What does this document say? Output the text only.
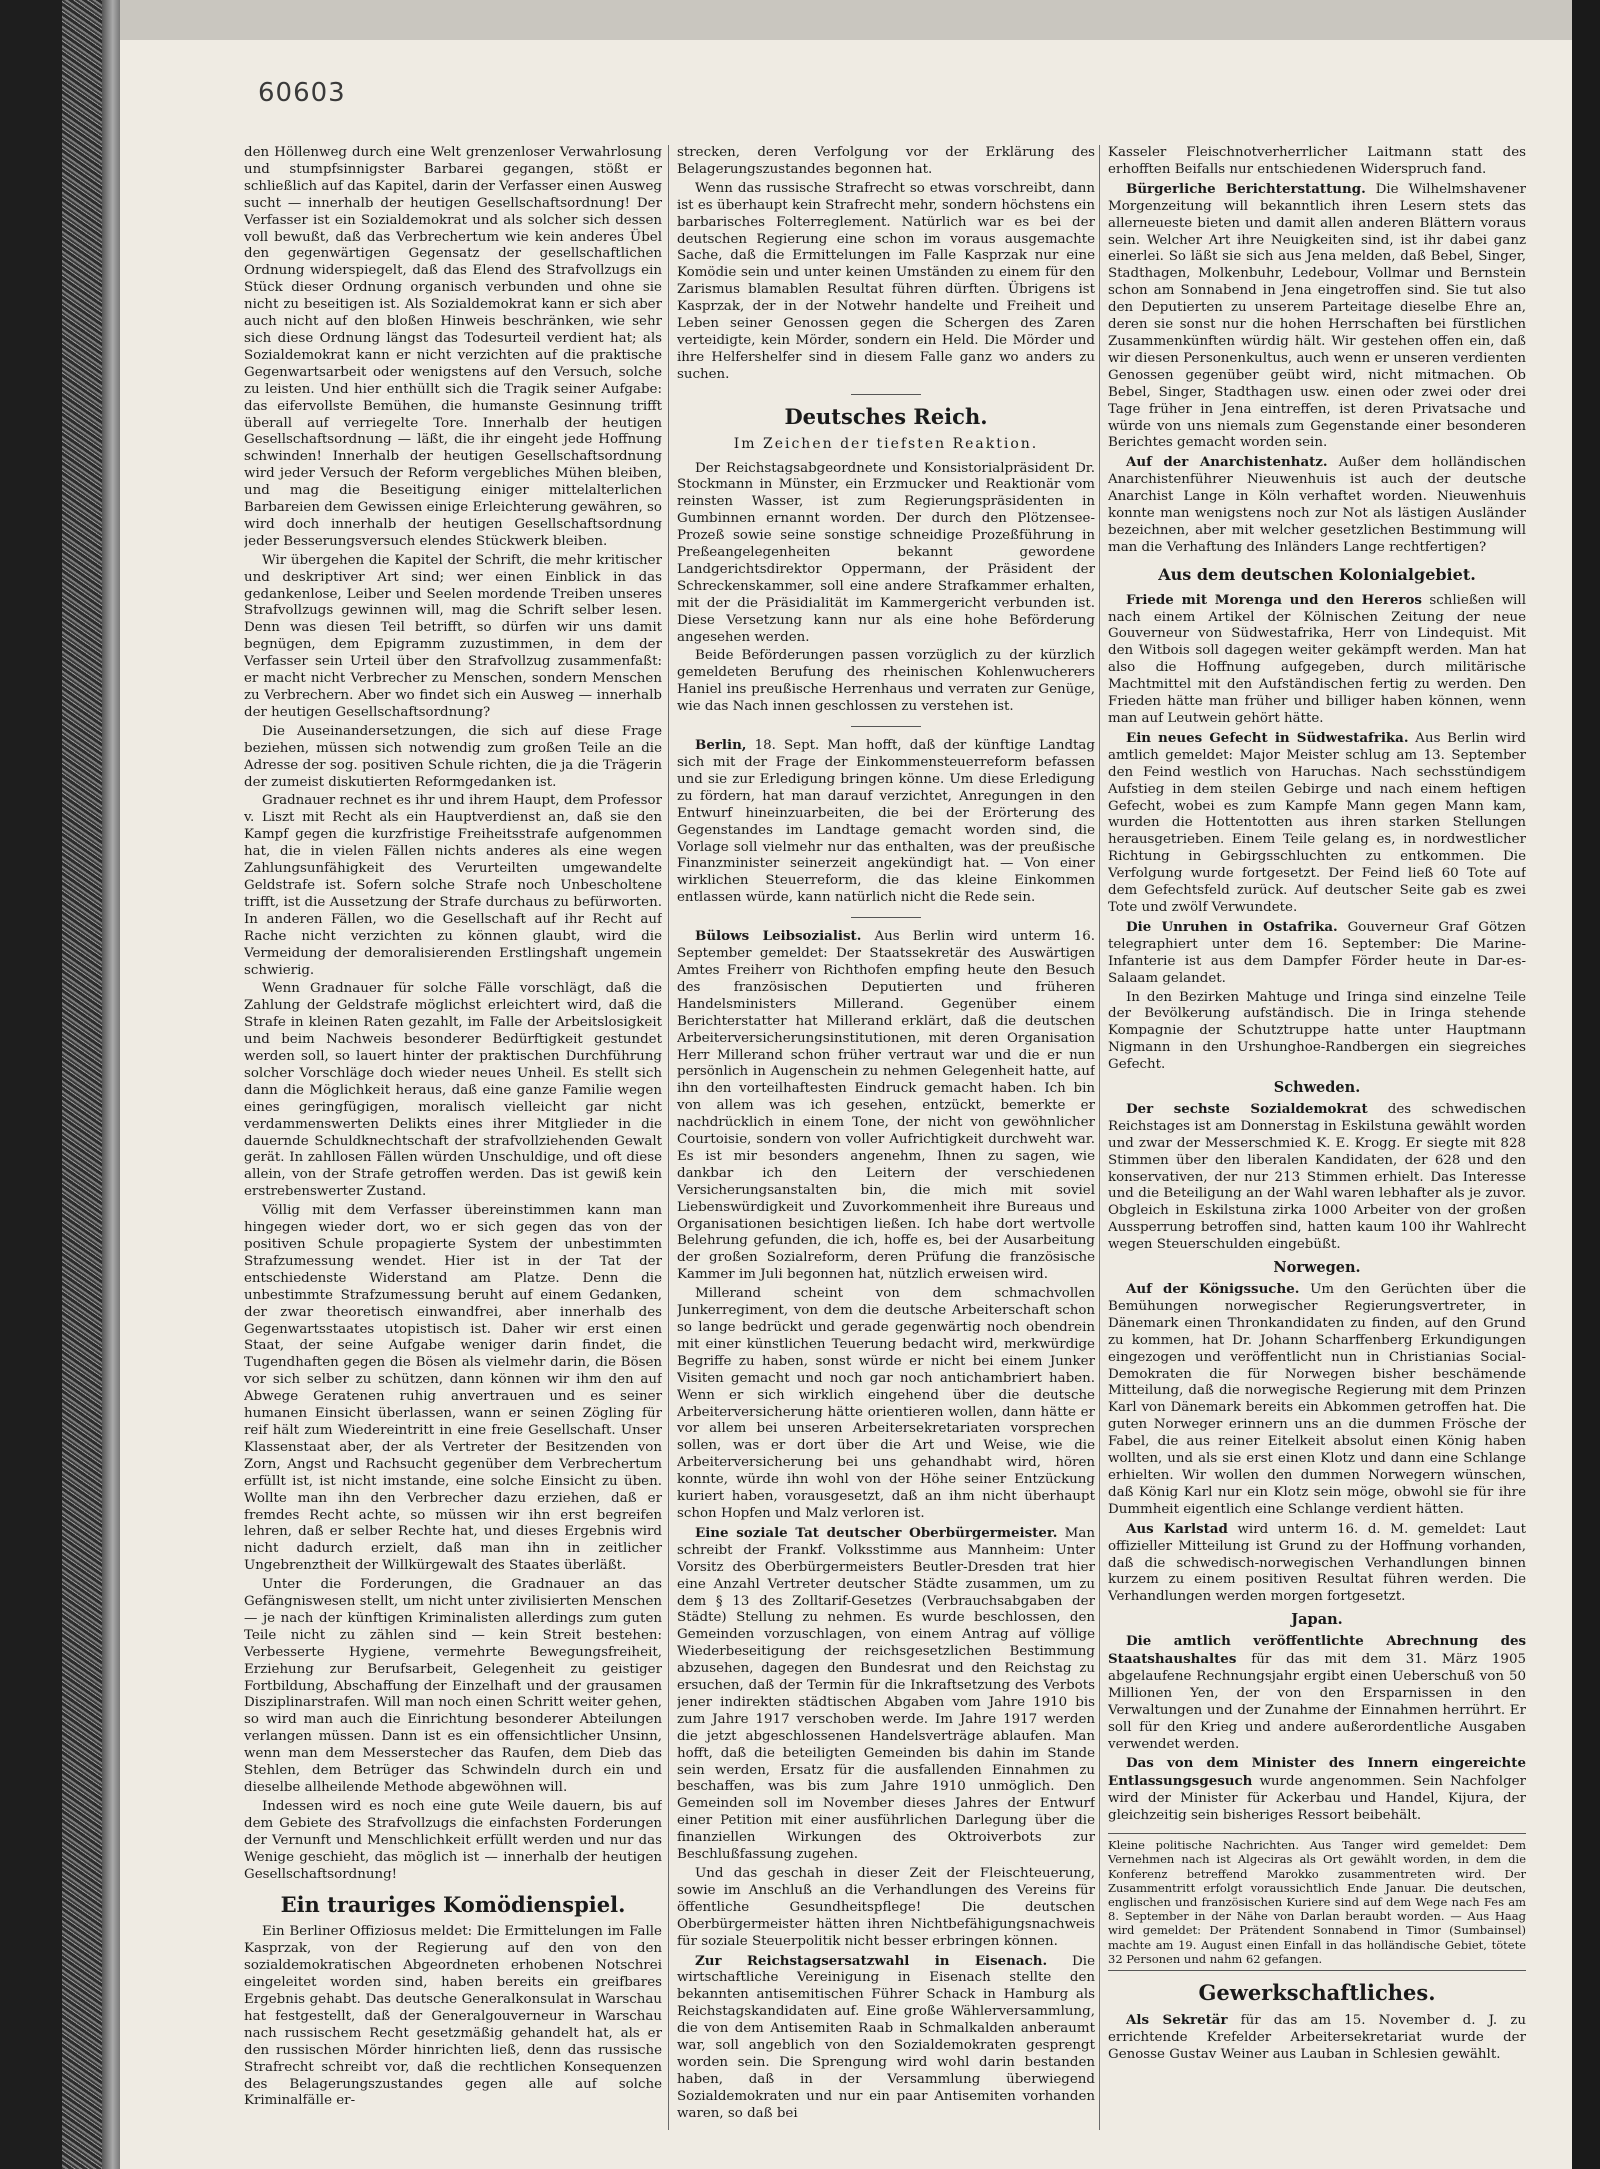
60603

den Höllenweg durch eine Welt grenzenloser Verwahrlosung und stumpfsinnigster Barbarei gegangen, stößt er schließlich auf das Kapitel, darin der Verfasser einen Ausweg sucht — innerhalb der heutigen Gesellschaftsordnung! Der Verfasser ist ein Sozialdemokrat und als solcher sich dessen voll bewußt, daß das Verbrechertum wie kein anderes Übel den gegenwärtigen Gegensatz der gesellschaftlichen Ordnung widerspiegelt, daß das Elend des Strafvollzugs ein Stück dieser Ordnung organisch verbunden und ohne sie nicht zu beseitigen ist. Als Sozialdemokrat kann er sich aber auch nicht auf den bloßen Hinweis beschränken, wie sehr sich diese Ordnung längst das Todesurteil verdient hat; als Sozialdemokrat kann er nicht verzichten auf die praktische Gegenwartsarbeit oder wenigstens auf den Versuch, solche zu leisten. Und hier enthüllt sich die Tragik seiner Aufgabe: das eifervollste Bemühen, die humanste Gesinnung trifft überall auf verriegelte Tore. Innerhalb der heutigen Gesellschaftsordnung — läßt, die ihr eingeht jede Hoffnung schwinden! Innerhalb der heutigen Gesellschaftsordnung wird jeder Versuch der Reform vergebliches Mühen bleiben, und mag die Beseitigung einiger mittelalterlichen Barbareien dem Gewissen einige Erleichterung gewähren, so wird doch innerhalb der heutigen Gesellschaftsordnung jeder Besserungsversuch elendes Stückwerk bleiben.

Wir übergehen die Kapitel der Schrift, die mehr kritischer und deskriptiver Art sind; wer einen Einblick in das gedankenlose, Leiber und Seelen mordende Treiben unseres Strafvollzugs gewinnen will, mag die Schrift selber lesen. Denn was diesen Teil betrifft, so dürfen wir uns damit begnügen, dem Epigramm zuzustimmen, in dem der Verfasser sein Urteil über den Strafvollzug zusammenfaßt: er macht nicht Verbrecher zu Menschen, sondern Menschen zu Verbrechern. Aber wo findet sich ein Ausweg — innerhalb der heutigen Gesellschaftsordnung?

Die Auseinandersetzungen, die sich auf diese Frage beziehen, müssen sich notwendig zum großen Teile an die Adresse der sog. positiven Schule richten, die ja die Trägerin der zumeist diskutierten Reformgedanken ist.

Gradnauer rechnet es ihr und ihrem Haupt, dem Professor v. Liszt mit Recht als ein Hauptverdienst an, daß sie den Kampf gegen die kurzfristige Freiheitsstrafe aufgenommen hat, die in vielen Fällen nichts anderes als eine wegen Zahlungsunfähigkeit des Verurteilten umgewandelte Geldstrafe ist. Sofern solche Strafe noch Unbescholtene trifft, ist die Aussetzung der Strafe durchaus zu befürworten. In anderen Fällen, wo die Gesellschaft auf ihr Recht auf Rache nicht verzichten zu können glaubt, wird die Vermeidung der demoralisierenden Erstlingshaft ungemein schwierig.

Wenn Gradnauer für solche Fälle vorschlägt, daß die Zahlung der Geldstrafe möglichst erleichtert wird, daß die Strafe in kleinen Raten gezahlt, im Falle der Arbeitslosigkeit und beim Nachweis besonderer Bedürftigkeit gestundet werden soll, so lauert hinter der praktischen Durchführung solcher Vorschläge doch wieder neues Unheil. Es stellt sich dann die Möglichkeit heraus, daß eine ganze Familie wegen eines geringfügigen, moralisch vielleicht gar nicht verdammenswerten Delikts eines ihrer Mitglieder in die dauernde Schuldknechtschaft der strafvollziehenden Gewalt gerät. In zahllosen Fällen würden Unschuldige, und oft diese allein, von der Strafe getroffen werden. Das ist gewiß kein erstrebenswerter Zustand.

Völlig mit dem Verfasser übereinstimmen kann man hingegen wieder dort, wo er sich gegen das von der positiven Schule propagierte System der unbestimmten Strafzumessung wendet. Hier ist in der Tat der entschiedenste Widerstand am Platze. Denn die unbestimmte Strafzumessung beruht auf einem Gedanken, der zwar theoretisch einwandfrei, aber innerhalb des Gegenwartsstaates utopistisch ist. Daher wir erst einen Staat, der seine Aufgabe weniger darin findet, die Tugendhaften gegen die Bösen als vielmehr darin, die Bösen vor sich selber zu schützen, dann können wir ihm den auf Abwege Geratenen ruhig anvertrauen und es seiner humanen Einsicht überlassen, wann er seinen Zögling für reif hält zum Wiedereintritt in eine freie Gesellschaft. Unser Klassenstaat aber, der als Vertreter der Besitzenden von Zorn, Angst und Rachsucht gegenüber dem Verbrechertum erfüllt ist, ist nicht imstande, eine solche Einsicht zu üben. Wollte man ihn den Verbrecher dazu erziehen, daß er fremdes Recht achte, so müssen wir ihn erst begreifen lehren, daß er selber Rechte hat, und dieses Ergebnis wird nicht dadurch erzielt, daß man ihn in zeitlicher Ungebrenztheit der Willkürgewalt des Staates überläßt.

Unter die Forderungen, die Gradnauer an das Gefängniswesen stellt, um nicht unter zivilisierten Menschen — je nach der künftigen Kriminalisten allerdings zum guten Teile nicht zu zählen sind — kein Streit bestehen: Verbesserte Hygiene, vermehrte Bewegungsfreiheit, Erziehung zur Berufsarbeit, Gelegenheit zu geistiger Fortbildung, Abschaffung der Einzelhaft und der grausamen Disziplinarstrafen. Will man noch einen Schritt weiter gehen, so wird man auch die Einrichtung besonderer Abteilungen verlangen müssen. Dann ist es ein offensichtlicher Unsinn, wenn man dem Messerstecher das Raufen, dem Dieb das Stehlen, dem Betrüger das Schwindeln durch ein und dieselbe allheilende Methode abgewöhnen will.

Indessen wird es noch eine gute Weile dauern, bis auf dem Gebiete des Strafvollzugs die einfachsten Forderungen der Vernunft und Menschlichkeit erfüllt werden und nur das Wenige geschieht, das möglich ist — innerhalb der heutigen Gesellschaftsordnung!

Ein trauriges Komödienspiel.

Ein Berliner Offiziosus meldet: Die Ermittelungen im Falle Kasprzak, von der Regierung auf den von den sozialdemokratischen Abgeordneten erhobenen Notschrei eingeleitet worden sind, haben bereits ein greifbares Ergebnis gehabt. Das deutsche Generalkonsulat in Warschau hat festgestellt, daß der Generalgouverneur in Warschau nach russischem Recht gesetzmäßig gehandelt hat, als er den russischen Mörder hinrichten ließ, denn das russische Strafrecht schreibt vor, daß die rechtlichen Konsequenzen des Belagerungszustandes gegen alle auf solche Kriminalfälle er-

strecken, deren Verfolgung vor der Erklärung des Belagerungszustandes begonnen hat.

Wenn das russische Strafrecht so etwas vorschreibt, dann ist es überhaupt kein Strafrecht mehr, sondern höchstens ein barbarisches Folterreglement. Natürlich war es bei der deutschen Regierung eine schon im voraus ausgemachte Sache, daß die Ermittelungen im Falle Kasprzak nur eine Komödie sein und unter keinen Umständen zu einem für den Zarismus blamablen Resultat führen dürften. Übrigens ist Kasprzak, der in der Notwehr handelte und Freiheit und Leben seiner Genossen gegen die Schergen des Zaren verteidigte, kein Mörder, sondern ein Held. Die Mörder und ihre Helfershelfer sind in diesem Falle ganz wo anders zu suchen.

Deutsches Reich.
Im Zeichen der tiefsten Reaktion.

Der Reichstagsabgeordnete und Konsistorialpräsident Dr. Stockmann in Münster, ein Erzmucker und Reaktionär vom reinsten Wasser, ist zum Regierungspräsidenten in Gumbinnen ernannt worden. Der durch den Plötzensee-Prozeß sowie seine sonstige schneidige Prozeßführung in Preßeangelegenheiten bekannt gewordene Landgerichtsdirektor Oppermann, der Präsident der Schreckenskammer, soll eine andere Strafkammer erhalten, mit der die Präsidialität im Kammergericht verbunden ist. Diese Versetzung kann nur als eine hohe Beförderung angesehen werden.

Beide Beförderungen passen vorzüglich zu der kürzlich gemeldeten Berufung des rheinischen Kohlenwucherers Haniel ins preußische Herrenhaus und verraten zur Genüge, wie das Nach innen geschlossen zu verstehen ist.

Berlin, 18. Sept. Man hofft, daß der künftige Landtag sich mit der Frage der Einkommensteuerreform befassen und sie zur Erledigung bringen könne. Um diese Erledigung zu fördern, hat man darauf verzichtet, Anregungen in den Entwurf hineinzuarbeiten, die bei der Erörterung des Gegenstandes im Landtage gemacht worden sind, die Vorlage soll vielmehr nur das enthalten, was der preußische Finanzminister seinerzeit angekündigt hat. — Von einer wirklichen Steuerreform, die das kleine Einkommen entlassen würde, kann natürlich nicht die Rede sein.

Bülows Leibsozialist. Aus Berlin wird unterm 16. September gemeldet: Der Staatssekretär des Auswärtigen Amtes Freiherr von Richthofen empfing heute den Besuch des französischen Deputierten und früheren Handelsministers Millerand. Gegenüber einem Berichterstatter hat Millerand erklärt, daß die deutschen Arbeiterversicherungsinstitutionen, mit deren Organisation Herr Millerand schon früher vertraut war und die er nun persönlich in Augenschein zu nehmen Gelegenheit hatte, auf ihn den vorteilhaftesten Eindruck gemacht haben. Ich bin von allem was ich gesehen, entzückt, bemerkte er nachdrücklich in einem Tone, der nicht von gewöhnlicher Courtoisie, sondern von voller Aufrichtigkeit durchweht war. Es ist mir besonders angenehm, Ihnen zu sagen, wie dankbar ich den Leitern der verschiedenen Versicherungsanstalten bin, die mich mit soviel Liebenswürdigkeit und Zuvorkommenheit ihre Bureaus und Organisationen besichtigen ließen. Ich habe dort wertvolle Belehrung gefunden, die ich, hoffe es, bei der Ausarbeitung der großen Sozialreform, deren Prüfung die französische Kammer im Juli begonnen hat, nützlich erweisen wird.

Millerand scheint von dem schmachvollen Junkerregiment, von dem die deutsche Arbeiterschaft schon so lange bedrückt und gerade gegenwärtig noch obendrein mit einer künstlichen Teuerung bedacht wird, merkwürdige Begriffe zu haben, sonst würde er nicht bei einem Junker Visiten gemacht und noch gar noch antichambriert haben. Wenn er sich wirklich eingehend über die deutsche Arbeiterversicherung hätte orientieren wollen, dann hätte er vor allem bei unseren Arbeitersekretariaten vorsprechen sollen, was er dort über die Art und Weise, wie die Arbeiterversicherung bei uns gehandhabt wird, hören konnte, würde ihn wohl von der Höhe seiner Entzückung kuriert haben, vorausgesetzt, daß an ihm nicht überhaupt schon Hopfen und Malz verloren ist.

Eine soziale Tat deutscher Oberbürgermeister. Man schreibt der Frankf. Volksstimme aus Mannheim: Unter Vorsitz des Oberbürgermeisters Beutler-Dresden trat hier eine Anzahl Vertreter deutscher Städte zusammen, um zu dem § 13 des Zolltarif-Gesetzes (Verbrauchsabgaben der Städte) Stellung zu nehmen. Es wurde beschlossen, den Gemeinden vorzuschlagen, von einem Antrag auf völlige Wiederbeseitigung der reichsgesetzlichen Bestimmung abzusehen, dagegen den Bundesrat und den Reichstag zu ersuchen, daß der Termin für die Inkraftsetzung des Verbots jener indirekten städtischen Abgaben vom Jahre 1910 bis zum Jahre 1917 verschoben werde. Im Jahre 1917 werden die jetzt abgeschlossenen Handelsverträge ablaufen. Man hofft, daß die beteiligten Gemeinden bis dahin im Stande sein werden, Ersatz für die ausfallenden Einnahmen zu beschaffen, was bis zum Jahre 1910 unmöglich. Den Gemeinden soll im November dieses Jahres der Entwurf einer Petition mit einer ausführlichen Darlegung über die finanziellen Wirkungen des Oktroiverbots zur Beschlußfassung zugehen.

Und das geschah in dieser Zeit der Fleischteuerung, sowie im Anschluß an die Verhandlungen des Vereins für öffentliche Gesundheitspflege! Die deutschen Oberbürgermeister hätten ihren Nichtbefähigungsnachweis für soziale Steuerpolitik nicht besser erbringen können.

Zur Reichstagsersatzwahl in Eisenach. Die wirtschaftliche Vereinigung in Eisenach stellte den bekannten antisemitischen Führer Schack in Hamburg als Reichstagskandidaten auf. Eine große Wählerversammlung, die von dem Antisemiten Raab in Schmalkalden anberaumt war, soll angeblich von den Sozialdemokraten gesprengt worden sein. Die Sprengung wird wohl darin bestanden haben, daß in der Versammlung überwiegend Sozialdemokraten und nur ein paar Antisemiten vorhanden waren, so daß bei

Kasseler Fleischnotverherrlicher Laitmann statt des erhofften Beifalls nur entschiedenen Widerspruch fand.

Bürgerliche Berichterstattung. Die Wilhelmshavener Morgenzeitung will bekanntlich ihren Lesern stets das allerneueste bieten und damit allen anderen Blättern voraus sein. Welcher Art ihre Neuigkeiten sind, ist ihr dabei ganz einerlei. So läßt sie sich aus Jena melden, daß Bebel, Singer, Stadthagen, Molkenbuhr, Ledebour, Vollmar und Bernstein schon am Sonnabend in Jena eingetroffen sind. Sie tut also den Deputierten zu unserem Parteitage dieselbe Ehre an, deren sie sonst nur die hohen Herrschaften bei fürstlichen Zusammenkünften würdig hält. Wir gestehen offen ein, daß wir diesen Personenkultus, auch wenn er unseren verdienten Genossen gegenüber geübt wird, nicht mitmachen. Ob Bebel, Singer, Stadthagen usw. einen oder zwei oder drei Tage früher in Jena eintreffen, ist deren Privatsache und würde von uns niemals zum Gegenstande einer besonderen Berichtes gemacht worden sein.

Auf der Anarchistenhatz. Außer dem holländischen Anarchistenführer Nieuwenhuis ist auch der deutsche Anarchist Lange in Köln verhaftet worden. Nieuwenhuis konnte man wenigstens noch zur Not als lästigen Ausländer bezeichnen, aber mit welcher gesetzlichen Bestimmung will man die Verhaftung des Inländers Lange rechtfertigen?

Aus dem deutschen Kolonialgebiet.

Friede mit Morenga und den Hereros schließen will nach einem Artikel der Kölnischen Zeitung der neue Gouverneur von Südwestafrika, Herr von Lindequist. Mit den Witbois soll dagegen weiter gekämpft werden. Man hat also die Hoffnung aufgegeben, durch militärische Machtmittel mit den Aufständischen fertig zu werden. Den Frieden hätte man früher und billiger haben können, wenn man auf Leutwein gehört hätte.

Ein neues Gefecht in Südwestafrika. Aus Berlin wird amtlich gemeldet: Major Meister schlug am 13. September den Feind westlich von Haruchas. Nach sechsstündigem Aufstieg in dem steilen Gebirge und nach einem heftigen Gefecht, wobei es zum Kampfe Mann gegen Mann kam, wurden die Hottentotten aus ihren starken Stellungen herausgetrieben. Einem Teile gelang es, in nordwestlicher Richtung in Gebirgsschluchten zu entkommen. Die Verfolgung wurde fortgesetzt. Der Feind ließ 60 Tote auf dem Gefechtsfeld zurück. Auf deutscher Seite gab es zwei Tote und zwölf Verwundete.

Die Unruhen in Ostafrika. Gouverneur Graf Götzen telegraphiert unter dem 16. September: Die Marine-Infanterie ist aus dem Dampfer Förder heute in Dar-es-Salaam gelandet.

In den Bezirken Mahtuge und Iringa sind einzelne Teile der Bevölkerung aufständisch. Die in Iringa stehende Kompagnie der Schutztruppe hatte unter Hauptmann Nigmann in den Urshunghoe-Randbergen ein siegreiches Gefecht.

Schweden.

Der sechste Sozialdemokrat des schwedischen Reichstages ist am Donnerstag in Eskilstuna gewählt worden und zwar der Messerschmied K. E. Krogg. Er siegte mit 828 Stimmen über den liberalen Kandidaten, der 628 und den konservativen, der nur 213 Stimmen erhielt. Das Interesse und die Beteiligung an der Wahl waren lebhafter als je zuvor. Obgleich in Eskilstuna zirka 1000 Arbeiter von der großen Aussperrung betroffen sind, hatten kaum 100 ihr Wahlrecht wegen Steuerschulden eingebüßt.

Norwegen.

Auf der Königssuche. Um den Gerüchten über die Bemühungen norwegischer Regierungsvertreter, in Dänemark einen Thronkandidaten zu finden, auf den Grund zu kommen, hat Dr. Johann Scharffenberg Erkundigungen eingezogen und veröffentlicht nun in Christianias Social-Demokraten die für Norwegen bisher beschämende Mitteilung, daß die norwegische Regierung mit dem Prinzen Karl von Dänemark bereits ein Abkommen getroffen hat. Die guten Norweger erinnern uns an die dummen Frösche der Fabel, die aus reiner Eitelkeit absolut einen König haben wollten, und als sie erst einen Klotz und dann eine Schlange erhielten. Wir wollen den dummen Norwegern wünschen, daß König Karl nur ein Klotz sein möge, obwohl sie für ihre Dummheit eigentlich eine Schlange verdient hätten.

Aus Karlstad wird unterm 16. d. M. gemeldet: Laut offizieller Mitteilung ist Grund zu der Hoffnung vorhanden, daß die schwedisch-norwegischen Verhandlungen binnen kurzem zu einem positiven Resultat führen werden. Die Verhandlungen werden morgen fortgesetzt.

Japan.

Die amtlich veröffentlichte Abrechnung des Staatshaushaltes für das mit dem 31. März 1905 abgelaufene Rechnungsjahr ergibt einen Ueberschuß von 50 Millionen Yen, der von den Ersparnissen in den Verwaltungen und der Zunahme der Einnahmen herrührt. Er soll für den Krieg und andere außerordentliche Ausgaben verwendet werden.

Das von dem Minister des Innern eingereichte Entlassungsgesuch wurde angenommen. Sein Nachfolger wird der Minister für Ackerbau und Handel, Kijura, der gleichzeitig sein bisheriges Ressort beibehält.

Kleine politische Nachrichten. Aus Tanger wird gemeldet: Dem Vernehmen nach ist Algeciras als Ort gewählt worden, in dem die Konferenz betreffend Marokko zusammentreten wird. Der Zusammentritt erfolgt voraussichtlich Ende Januar. Die deutschen, englischen und französischen Kuriere sind auf dem Wege nach Fes am 8. September in der Nähe von Darlan beraubt worden. — Aus Haag wird gemeldet: Der Prätendent Sonnabend in Timor (Sumbainsel) machte am 19. August einen Einfall in das holländische Gebiet, tötete 32 Personen und nahm 62 gefangen.

Gewerkschaftliches.

Als Sekretär für das am 15. November d. J. zu errichtende Krefelder Arbeitersekretariat wurde der Genosse Gustav Weiner aus Lauban in Schlesien gewählt.
